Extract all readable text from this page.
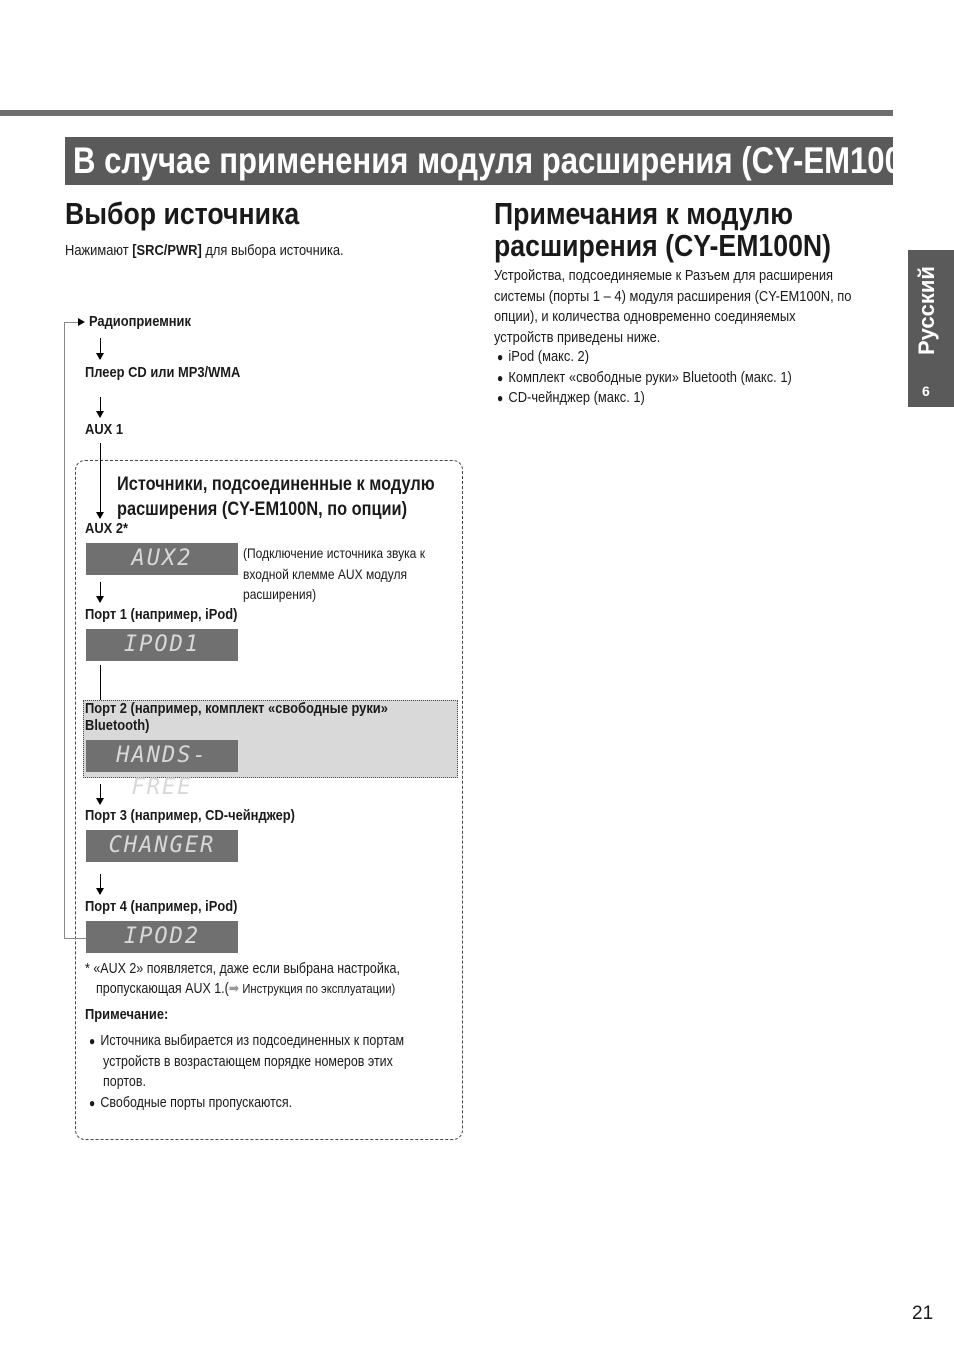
В случае применения модуля расширения (CY-EM100N):
Русский
6
Выбор источника
Нажимают [SRC/PWR] для выбора источника.
Радиоприемник
Плеер CD или MP3/WMA
AUX 1
Источники, подсоединенные к модулю
расширения (CY-EM100N, по опции)
AUX 2*
AUX2	(Подключение источника звука к
входной клемме AUX модуля
расширения)
Порт 1 (например, iPod)
IPOD1
Порт 2 (например, комплект «свободные руки»
Bluetooth)
HANDS-FREE
Порт 3 (например, CD-чейнджер)
CHANGER
Порт 4 (например, iPod)
IPOD2
* «AUX 2» появляется, даже если выбрана настройка,
пропускающая AUX 1.(➡ Инструкция по эксплуатации)
Примечание:
● Источника выбирается из подсоединенных к портам
устройств в возрастающем порядке номеров этих
портов.
● Свободные порты пропускаются.
Примечания к модулю
расширения (CY-EM100N)
Устройства, подсоединяемые к Разъем для расширения
системы (порты 1 – 4) модуля расширения (CY-EM100N, по
опции), и количества одновременно соединяемых
устройств приведены ниже.
● iPod (макс. 2)
● Комплект «свободные руки» Bluetooth (макс. 1)
● CD-чейнджер (макс. 1)
21
